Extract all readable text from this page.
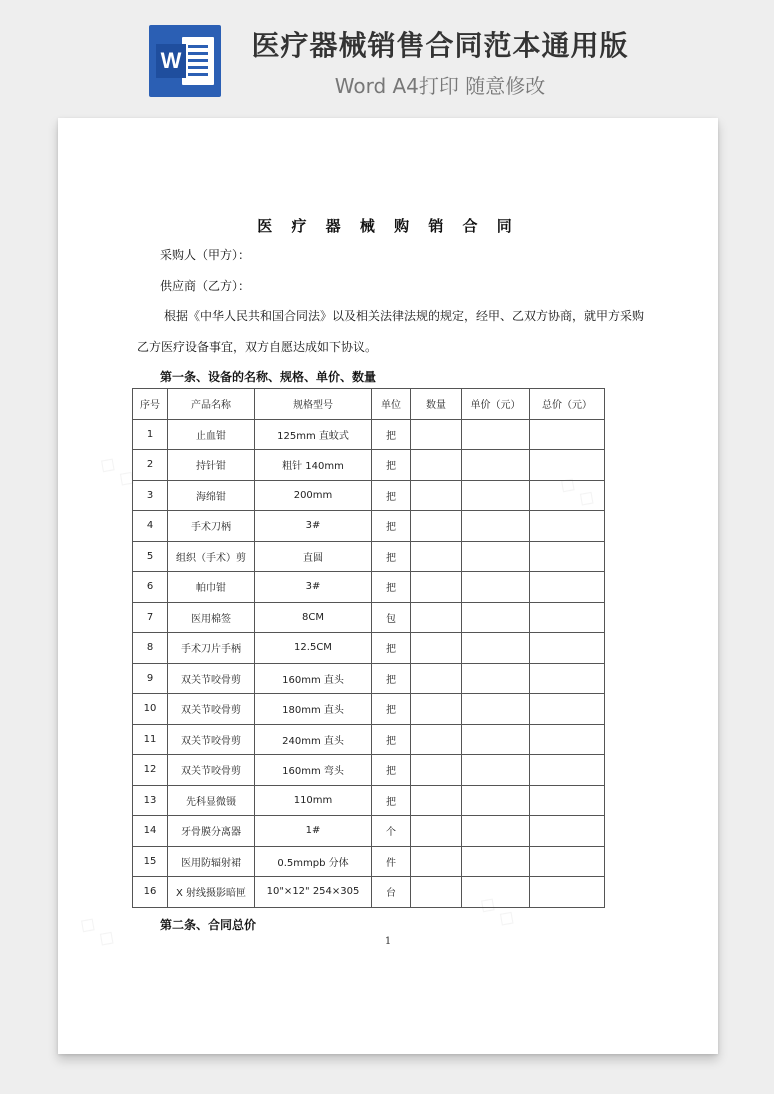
W	医疗器械销售合同范本通用版
Word A4打印 随意修改
医 疗 器 械 购 销 合 同
采购人（甲方）：
供应商（乙方）：
根据《中华人民共和国合同法》以及相关法律法规的规定，经甲、乙双方协商，就甲方采购
乙方医疗设备事宜，双方自愿达成如下协议。
第一条、设备的名称、规格、单价、数量
序号	产品名称	规格型号	单位	数量	单价（元）	总价（元）
1	止血钳	125mm 直蚊式	把			
2	持针钳	粗针 140mm	把			
3	海绵钳	200mm	把			
4	手术刀柄	3#	把			
5	组织（手术）剪	直圆	把			
6	帕巾钳	3#	把			
7	医用棉签	8CM	包			
8	手术刀片手柄	12.5CM	把			
9	双关节咬骨剪	160mm 直头	把			
10	双关节咬骨剪	180mm 直头	把			
11	双关节咬骨剪	240mm 直头	把			
12	双关节咬骨剪	160mm 弯头	把			
13	先科显微镊	110mm	把			
14	牙骨膜分离器	1#	个			
15	医用防辐射裙	0.5mmpb 分体	件			
16	X 射线摄影暗匣	10"×12" 254×305	台			
第二条、合同总价
1
